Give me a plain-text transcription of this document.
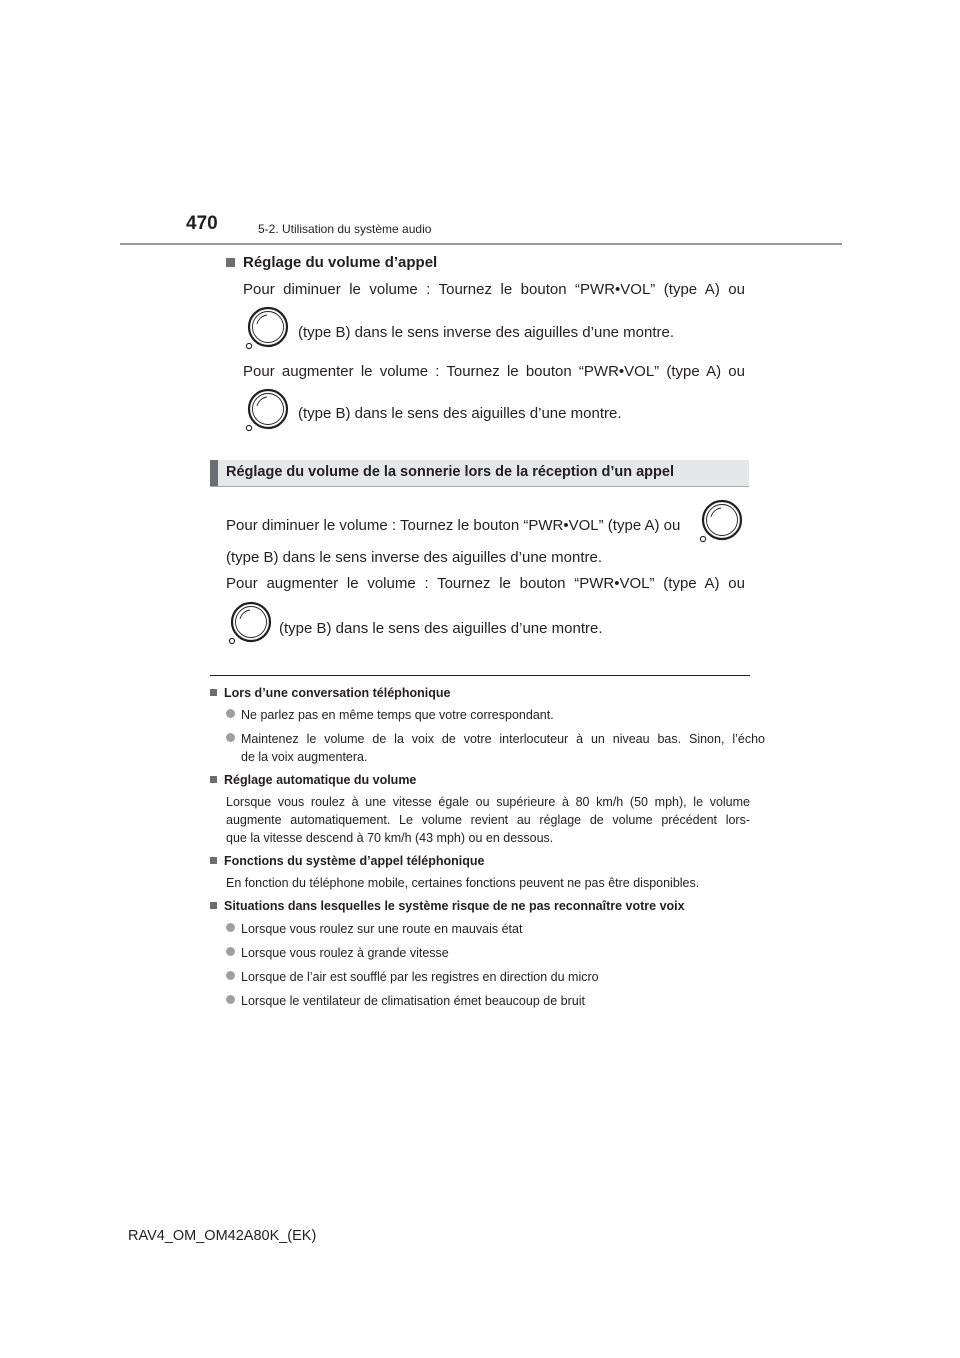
470	5-2. Utilisation du système audio
Réglage du volume d’appel
Pour diminuer le volume : Tournez le bouton “PWR•VOL” (type A) ou
(type B) dans le sens inverse des aiguilles d’une montre.
Pour augmenter le volume : Tournez le bouton “PWR•VOL” (type A) ou
(type B) dans le sens des aiguilles d’une montre.
Réglage du volume de la sonnerie lors de la réception d’un appel
Pour diminuer le volume : Tournez le bouton “PWR•VOL” (type A) ou
(type B) dans le sens inverse des aiguilles d’une montre.
Pour augmenter le volume : Tournez le bouton “PWR•VOL” (type A) ou
(type B) dans le sens des aiguilles d’une montre.
Lors d’une conversation téléphonique
Ne parlez pas en même temps que votre correspondant.
Maintenez le volume de la voix de votre interlocuteur à un niveau bas. Sinon, l’écho
de la voix augmentera.
Réglage automatique du volume
Lorsque vous roulez à une vitesse égale ou supérieure à 80 km/h (50 mph), le volume
augmente automatiquement. Le volume revient au réglage de volume précédent lors-
que la vitesse descend à 70 km/h (43 mph) ou en dessous.
Fonctions du système d’appel téléphonique
En fonction du téléphone mobile, certaines fonctions peuvent ne pas être disponibles.
Situations dans lesquelles le système risque de ne pas reconnaître votre voix
Lorsque vous roulez sur une route en mauvais état
Lorsque vous roulez à grande vitesse
Lorsque de l’air est soufflé par les registres en direction du micro
Lorsque le ventilateur de climatisation émet beaucoup de bruit
RAV4_OM_OM42A80K_(EK)
